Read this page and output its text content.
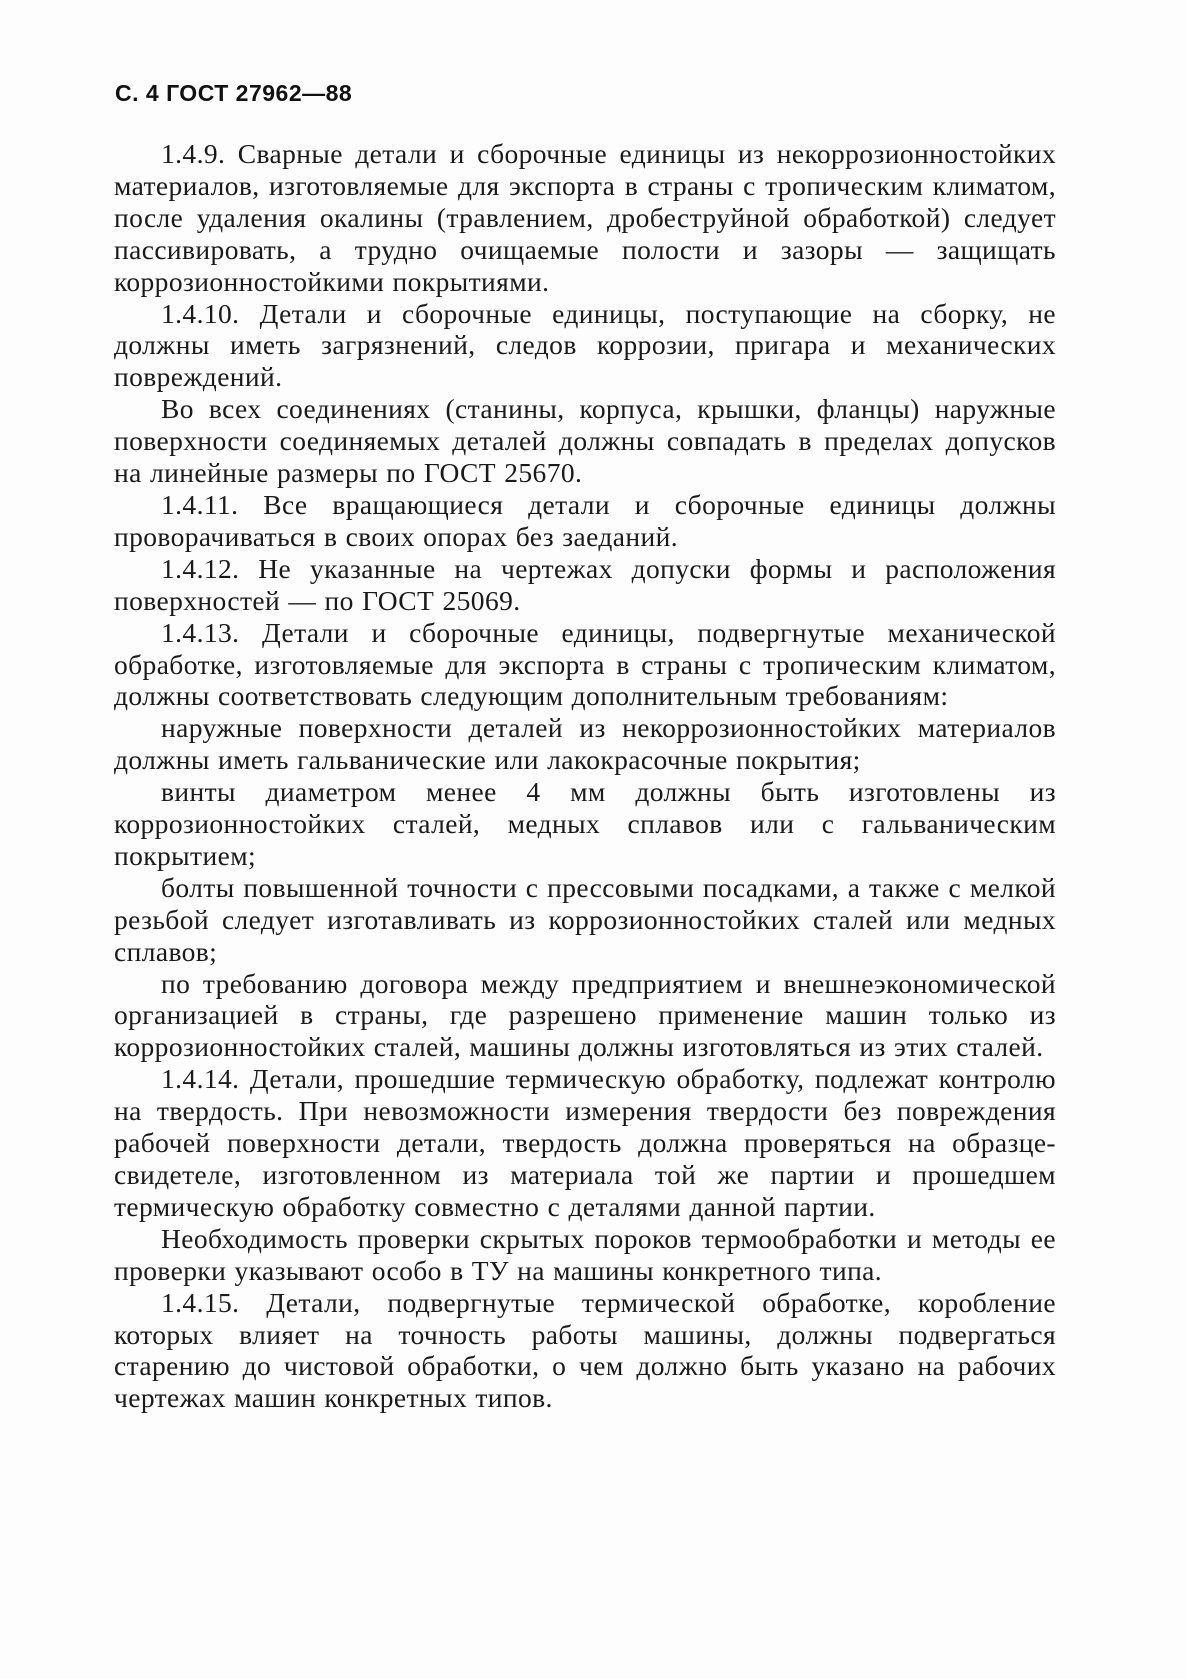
С. 4 ГОСТ 27962—88

1.4.9. Сварные детали и сборочные единицы из некоррозионностойких материалов, изготовляемые для экспорта в страны с тропическим климатом, после удаления окалины (травлением, дробеструйной обработкой) следует пассивировать, а трудно очищаемые полости и зазоры — защищать коррозионностойкими покрытиями.

1.4.10. Детали и сборочные единицы, поступающие на сборку, не должны иметь загрязнений, следов коррозии, пригара и механических повреждений.

Во всех соединениях (станины, корпуса, крышки, фланцы) наружные поверхности соединяемых деталей должны совпадать в пределах допусков на линейные размеры по ГОСТ 25670.

1.4.11. Все вращающиеся детали и сборочные единицы должны проворачиваться в своих опорах без заеданий.

1.4.12. Не указанные на чертежах допуски формы и расположения поверхностей — по ГОСТ 25069.

1.4.13. Детали и сборочные единицы, подвергнутые механической обработке, изготовляемые для экспорта в страны с тропическим климатом, должны соответствовать следующим дополнительным требованиям:

наружные поверхности деталей из некоррозионностойких материалов должны иметь гальванические или лакокрасочные покрытия;

винты диаметром менее 4 мм должны быть изготовлены из коррозионностойких сталей, медных сплавов или с гальваническим покрытием;

болты повышенной точности с прессовыми посадками, а также с мелкой резьбой следует изготавливать из коррозионностойких сталей или медных сплавов;

по требованию договора между предприятием и внешнеэкономической организацией в страны, где разрешено применение машин только из коррозионностойких сталей, машины должны изготовляться из этих сталей.

1.4.14. Детали, прошедшие термическую обработку, подлежат контролю на твердость. При невозможности измерения твердости без повреждения рабочей поверхности детали, твердость должна проверяться на образце-свидетеле, изготовленном из материала той же партии и прошедшем термическую обработку совместно с деталями данной партии.

Необходимость проверки скрытых пороков термообработки и методы ее проверки указывают особо в ТУ на машины конкретного типа.

1.4.15. Детали, подвергнутые термической обработке, коробление которых влияет на точность работы машины, должны подвергаться старению до чистовой обработки, о чем должно быть указано на рабочих чертежах машин конкретных типов.
